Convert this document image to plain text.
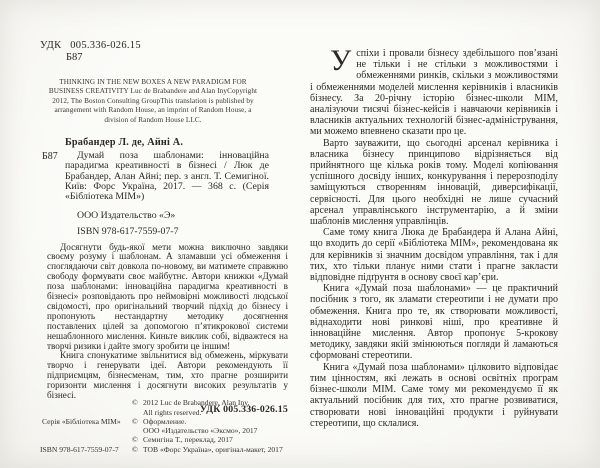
УДК   005.336-026.15
Б87
THINKING IN THE NEW BOXES A NEW PARADIGM FOR BUSINESS CREATIVITY Luc de Brabandere and Alan InyCopyright 2012, The Boston Consulting GroupThis translation is published by arrangement with Random House, an imprint of Random House, a division of Random House LLC.
Брабандер Л. де, Айні А.
Б87	Думай поза шаблонами: інноваційна парадигма креативності в бізнесі / Люк де Брабандер, Алан Айні; пер. з англ. Т. Семигіної. Київ: Форс Україна, 2017. — 368 с. (Серія «Бібліотека МІМ»)

ООО Издательство «Э»
ISBN 978-617-7559-07-7

Досягнути будь-якої мети можна виключно завдяки своєму розуму і шаблонам. А зламавши усі обмеження і споглядаючи світ довкола по-новому, ви матимете справжню свободу формувати своє майбутнє. Автори книжки «Думай поза шаблонами: інноваційна парадигма креативності в бізнесі» розповідають про неймовірні можливості людської свідомості, про оригінальний творчий підхід до бізнесу і пропонують нестандартну методику досягнення поставлених цілей за допомогою п’ятикрокової системи нешаблонного мислення. Киньте виклик собі, відважтеся на творчі ризики і дайте змогу зробити це іншим!

Книга спонукатиме звільнитися від обмежень, міркувати творчо і генерувати ідеї. Автори рекомендують її підприємцям, бізнесменам, тим, хто прагне розширити горизонти мислення і досягнути високих результатів у бізнесі.

УДК 005.336-026.15
Серія «Бібліотека МІМ»
ISBN 978-617-7559-07-7
© 2012 Luc de Brabandere, Alan Iny.
All rights reserved.
© Оформление.
ООО «Издательство «Эксмо», 2017
© Семигіна Т., переклад, 2017
© ТОВ «Форс Україна», оригінал-макет, 2017

Успіхи і провали бізнесу здебільшого пов’язані не тільки і не стільки з можливостями і обмеженнями ринків, скільки з можливостями і обмеженнями моделей мислення керівників і власників бізнесу. За 20-річну історію бізнес-школи МІМ, аналізуючи тисячі бізнес-кейсів і навчаючи керівників і власників актуальних технологій бізнес-адміністрування, ми можемо впевнено сказати про це.

Варто зауважити, що сьогодні арсенал керівника і власника бізнесу принципово відрізняється від прийнятного ще кілька років тому. Моделі копіювання успішного досвіду інших, конкурування і перерозподілу заміщуються створенням інновацій, диверсифікації, сервісності. Для цього необхідні не лише сучасний арсенал управлінського інструментарію, а й зміни шаблонів мислення управлінців.

Саме тому книга Люка де Брабандера й Алана Айні, що входить до серії «Бібліотека МІМ», рекомендована як для керівників зі значним досвідом управління, так і для тих, хто тільки планує ними стати і прагне закласти відповідне підґрунтя в основу своєї кар’єри.

Книга «Думай поза шаблонами» — це практичний посібник з того, як зламати стереотипи і не думати про обмеження. Книга про те, як створювати можливості, віднаходити нові ринкові ніші, про креативне й інноваційне мислення. Автор пропонує 5-крокову методику, завдяки якій змінюються погляди й ламаються сформовані стереотипи.

Книга «Думай поза шаблонами» цілковито відповідає тим цінностям, які лежать в основі освітніх програм бізнес-школи МІМ. Саме тому ми рекомендуємо її як актуальний посібник для тих, хто прагне розвиватися, створювати нові інноваційні продукти і руйнувати стереотипи, що склалися.
